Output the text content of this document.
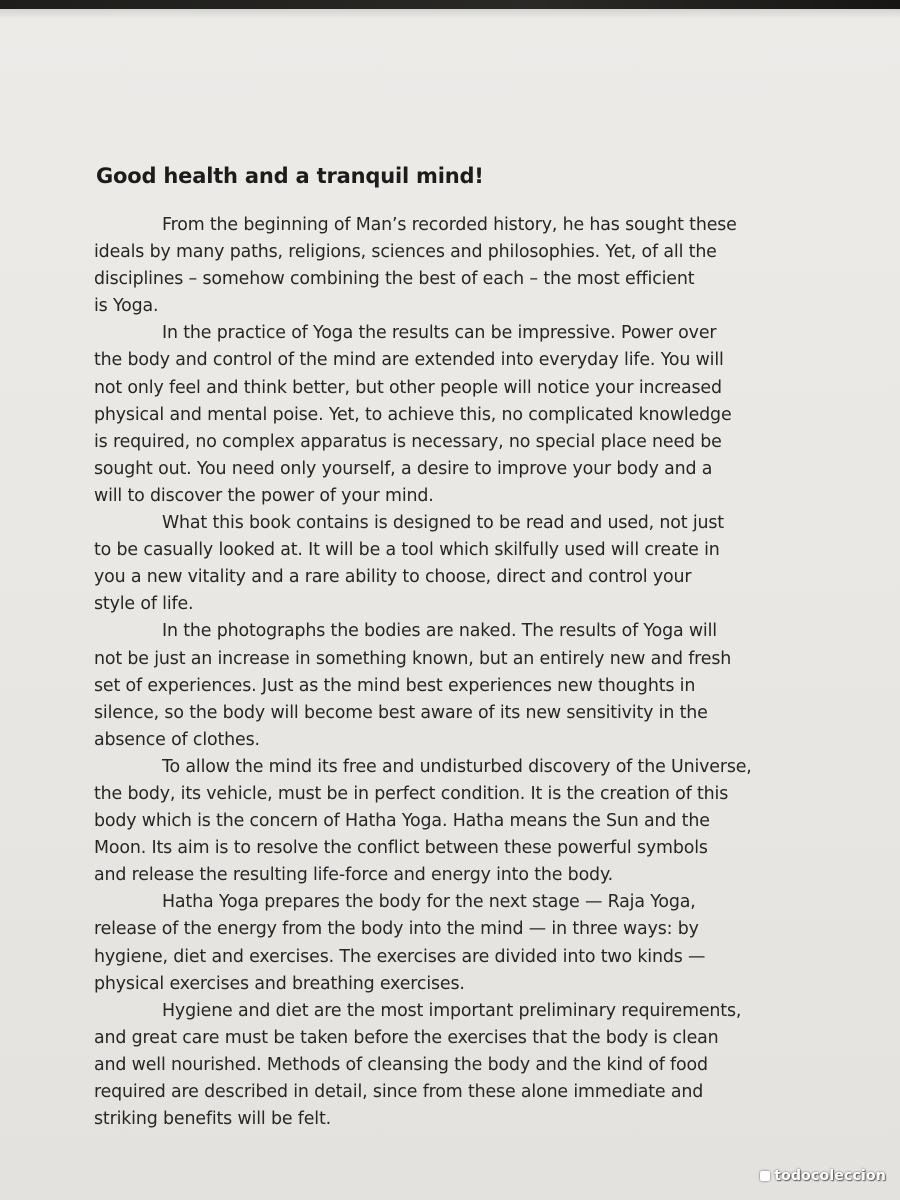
Good health and a tranquil mind!

From the beginning of Man’s recorded history, he has sought these
ideals by many paths, religions, sciences and philosophies. Yet, of all the
disciplines – somehow combining the best of each – the most efficient
is Yoga.

In the practice of Yoga the results can be impressive. Power over
the body and control of the mind are extended into everyday life. You will
not only feel and think better, but other people will notice your increased
physical and mental poise. Yet, to achieve this, no complicated knowledge
is required, no complex apparatus is necessary, no special place need be
sought out. You need only yourself, a desire to improve your body and a
will to discover the power of your mind.

What this book contains is designed to be read and used, not just
to be casually looked at. It will be a tool which skilfully used will create in
you a new vitality and a rare ability to choose, direct and control your
style of life.

In the photographs the bodies are naked. The results of Yoga will
not be just an increase in something known, but an entirely new and fresh
set of experiences. Just as the mind best experiences new thoughts in
silence, so the body will become best aware of its new sensitivity in the
absence of clothes.

To allow the mind its free and undisturbed discovery of the Universe,
the body, its vehicle, must be in perfect condition. It is the creation of this
body which is the concern of Hatha Yoga. Hatha means the Sun and the
Moon. Its aim is to resolve the conflict between these powerful symbols
and release the resulting life-force and energy into the body.

Hatha Yoga prepares the body for the next stage — Raja Yoga,
release of the energy from the body into the mind — in three ways: by
hygiene, diet and exercises. The exercises are divided into two kinds —
physical exercises and breathing exercises.

Hygiene and diet are the most important preliminary requirements,
and great care must be taken before the exercises that the body is clean
and well nourished. Methods of cleansing the body and the kind of food
required are described in detail, since from these alone immediate and
striking benefits will be felt.

todocoleccion
